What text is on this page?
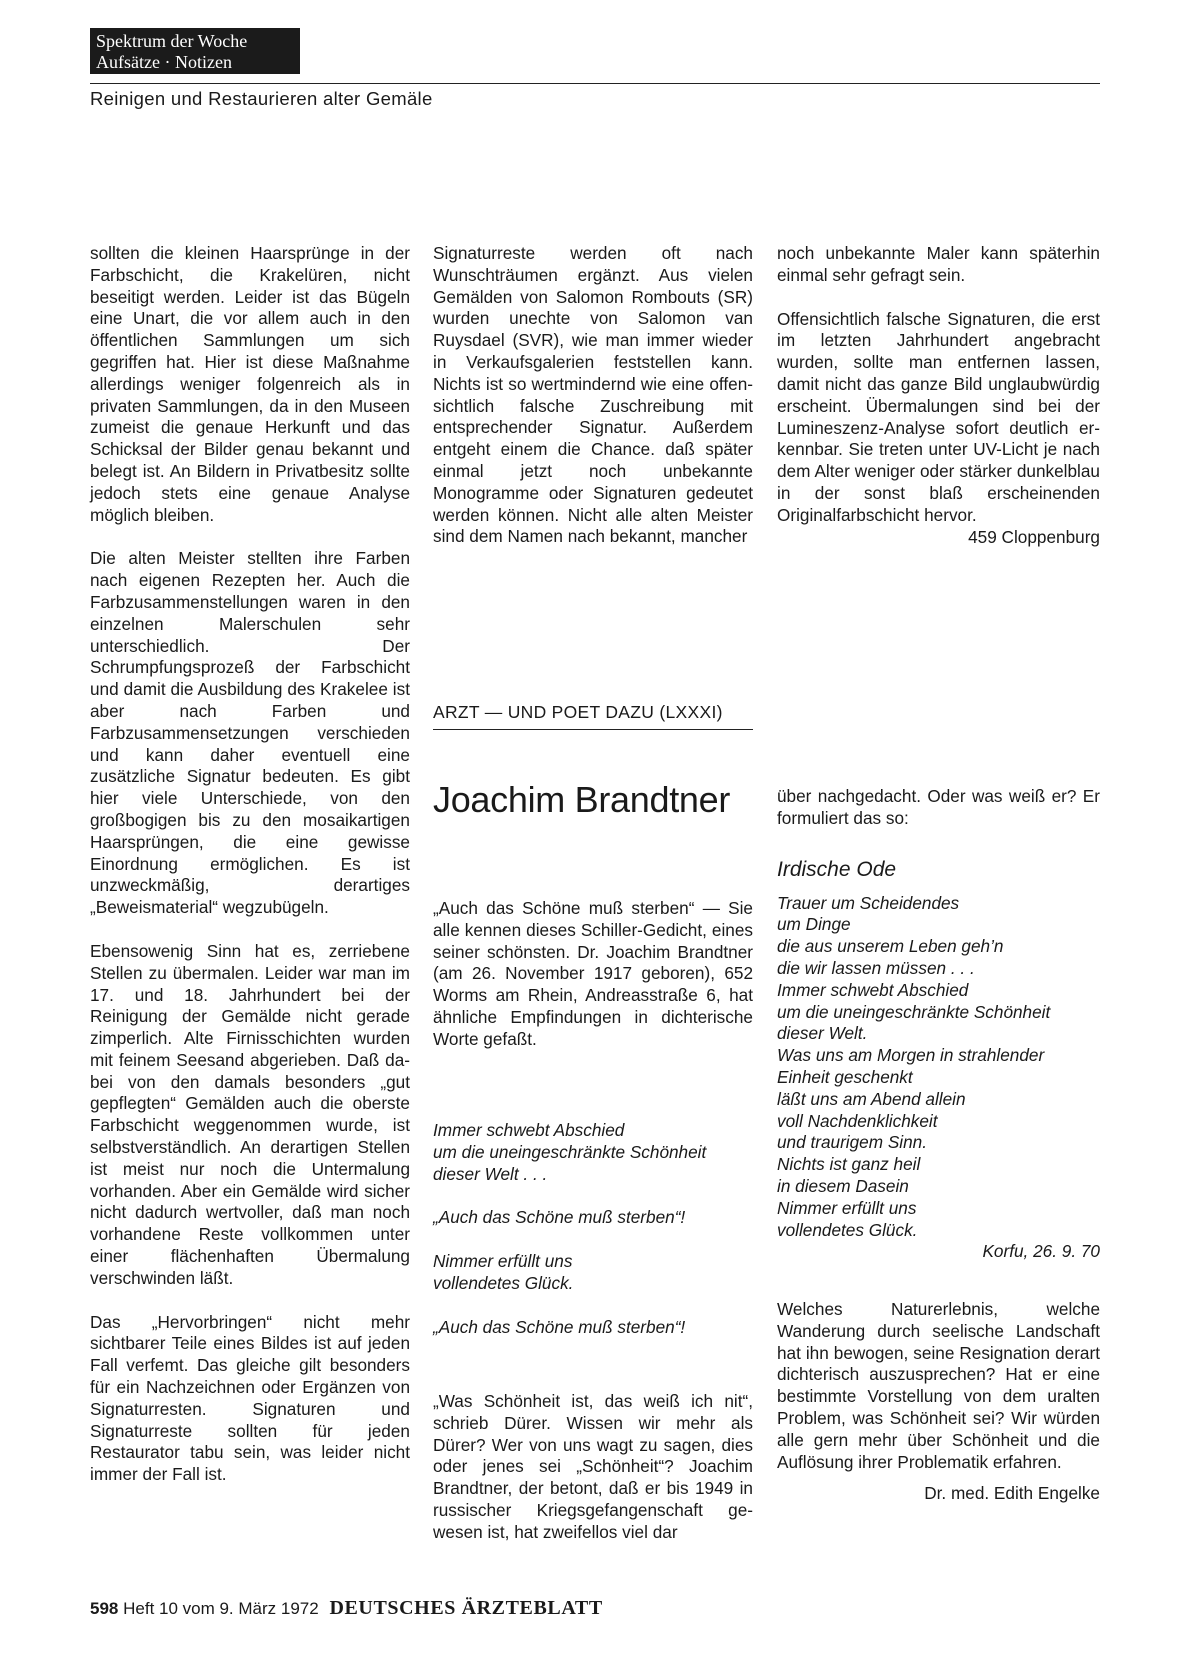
Spektrum der Woche
Aufsätze · Notizen
Reinigen und Restaurieren alter Gemäle

sollten die kleinen Haarsprünge in der Farbschicht, die Krakelüren, nicht beseitigt werden. Leider ist das Bügeln eine Unart, die vor allem auch in den öffentlichen Sammlungen um sich gegriffen hat. Hier ist diese Maßnahme allerdings weniger folgenreich als in privaten Sammlungen, da in den Museen zumeist die genaue Herkunft und das Schicksal der Bilder genau bekannt und belegt ist. An Bildern in Privatbesitz sollte jedoch stets eine genaue Analyse möglich bleiben.

Die alten Meister stellten ihre Farben nach eigenen Rezepten her. Auch die Farbzusammenstellungen waren in den einzelnen Malerschulen sehr unterschiedlich. Der Schrumpfungsprozeß der Farbschicht und damit die Ausbildung des Krakelee ist aber nach Farben und Farbzusammensetzungen verschieden und kann daher eventuell eine zusätzliche Signatur bedeuten. Es gibt hier viele Unterschiede, von den großbogigen bis zu den mosaikartigen Haarsprüngen, die eine gewisse Einordnung ermöglichen. Es ist unzweckmäßig, derartiges „Beweismaterial“ wegzubügeln.

Ebensowenig Sinn hat es, zerriebene Stellen zu übermalen. Leider war man im 17. und 18. Jahrhundert bei der Reinigung der Gemälde nicht gerade zimperlich. Alte Firnisschichten wurden mit feinem Seesand abgerieben. Daß dabei von den damals besonders „gut gepflegten“ Gemälden auch die oberste Farbschicht weggenommen wurde, ist selbstverständlich. An derartigen Stellen ist meist nur noch die Untermalung vorhanden. Aber ein Gemälde wird sicher nicht dadurch wertvoller, daß man noch vorhandene Reste vollkommen unter einer flächenhaften Übermalung verschwinden läßt.

Das „Hervorbringen“ nicht mehr sichtbarer Teile eines Bildes ist auf jeden Fall verfemt. Das gleiche gilt besonders für ein Nachzeichnen oder Ergänzen von Signaturresten. Signaturen und Signaturreste sollten für jeden Restaurator tabu sein, was leider nicht immer der Fall ist.

Signaturreste werden oft nach Wunschträumen ergänzt. Aus vielen Gemälden von Salomon Rombouts (SR) wurden unechte von Salomon van Ruysdael (SVR), wie man immer wieder in Verkaufsgalerien feststellen kann. Nichts ist so wertmindernd wie eine offensichtlich falsche Zuschreibung mit entsprechender Signatur. Außerdem entgeht einem die Chance. daß später einmal jetzt noch unbekannte Monogramme oder Signaturen gedeutet werden können. Nicht alle alten Meister sind dem Namen nach bekannt, mancher

noch unbekannte Maler kann späterhin einmal sehr gefragt sein.

Offensichtlich falsche Signaturen, die erst im letzten Jahrhundert angebracht wurden, sollte man entfernen lassen, damit nicht das ganze Bild unglaubwürdig erscheint. Übermalungen sind bei der Lumineszenz-Analyse sofort deutlich erkennbar. Sie treten unter UV-Licht je nach dem Alter weniger oder stärker dunkelblau in der sonst blaß erscheinenden Originalfarbschicht hervor.

459 Cloppenburg
ARZT — UND POET DAZU (LXXXI)
Joachim Brandtner

„Auch das Schöne muß sterben“ — Sie alle kennen dieses Schiller-Gedicht, eines seiner schönsten. Dr. Joachim Brandtner (am 26. November 1917 geboren), 652 Worms am Rhein, Andreasstraße 6, hat ähnliche Empfindungen in dichterische Worte gefaßt.

Immer schwebt Abschied
um die uneingeschränkte Schönheit
dieser Welt . . .
„Auch das Schöne muß sterben“!
Nimmer erfüllt uns
vollendetes Glück.
„Auch das Schöne muß sterben“!

„Was Schönheit ist, das weiß ich nit“, schrieb Dürer. Wissen wir mehr als Dürer? Wer von uns wagt zu sagen, dies oder jenes sei „Schönheit“? Joachim Brandtner, der betont, daß er bis 1949 in russischer Kriegsgefangenschaft gewesen ist, hat zweifellos viel dar

über nachgedacht. Oder was weiß er? Er formuliert das so:

Irdische Ode

Trauer um Scheidendes
um Dinge
die aus unserem Leben geh’n
die wir lassen müssen . . .
Immer schwebt Abschied
um die uneingeschränkte Schönheit
dieser Welt.
Was uns am Morgen in strahlender
Einheit geschenkt
läßt uns am Abend allein
voll Nachdenklichkeit
und traurigem Sinn.
Nichts ist ganz heil
in diesem Dasein
Nimmer erfüllt uns
vollendetes Glück.
Korfu, 26. 9. 70

Welches Naturerlebnis, welche Wanderung durch seelische Landschaft hat ihn bewogen, seine Resignation derart dichterisch auszusprechen? Hat er eine bestimmte Vorstellung von dem uralten Problem, was Schönheit sei? Wir würden alle gern mehr über Schönheit und die Auflösung ihrer Problematik erfahren.

Dr. med. Edith Engelke
598 Heft 10 vom 9. März 1972 DEUTSCHES ÄRZTEBLATT
